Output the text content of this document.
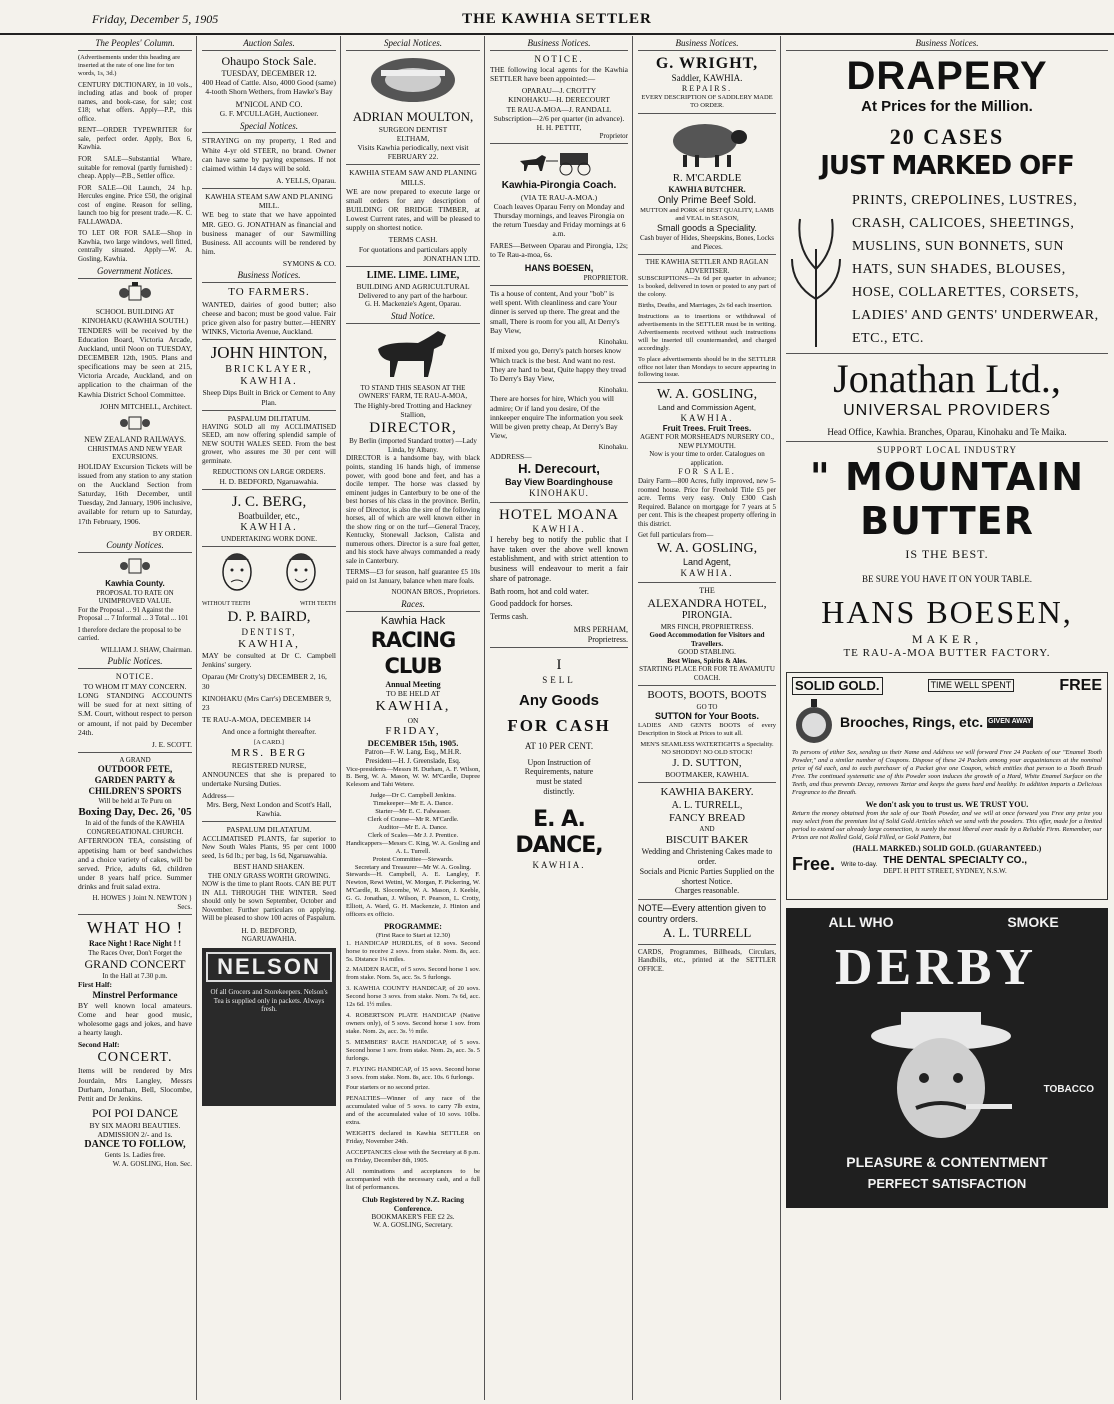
Friday, December 5, 1905	THE KAWHIA SETTLER
The Peoples' Column.

(Advertisements under this heading are inserted at the rate of one line for ten words, 1s, 3d.)

CENTURY DICTIONARY, in 10 vols., including atlas and book of proper names, and book-case, for sale; cost £18; what offers. Apply—P.P., this office.

RENT—ORDER TYPEWRITER for sale, perfect order. Apply, Box 6, Kawhia.

FOR SALE—Substantial Whare, suitable for removal (partly furnished) : cheap. Apply—P.B., Settler office.

FOR SALE—Oil Launch, 24 h.p. Hercules engine. Price £50, the original cost of engine. Reason for selling, launch too big for present trade.—K. C. FALLAWADA.

TO LET OR FOR SALE—Shop in Kawhia, two large windows, well fitted, centrally situated. Apply—W. A. Gosling, Kawhia.

Government Notices.
SCHOOL BUILDING AT KINOHAKU (KAWHIA SOUTH.)

TENDERS will be received by the Education Board, Victoria Arcade, Auckland, until Noon on TUESDAY, DECEMBER 12th, 1905. Plans and specifications may be seen at 215, Victoria Arcade, Auckland, and on application to the chairman of the Kawhia District School Committee.

JOHN MITCHELL, Architect.
NEW ZEALAND RAILWAYS.
CHRISTMAS AND NEW YEAR EXCURSIONS.

HOLIDAY Excursion Tickets will be issued from any station to any station on the Auckland Section from Saturday, 16th December, until Tuesday, 2nd January, 1906 inclusive, available for return up to Saturday, 17th February, 1906.

BY ORDER.
County Notices.
Kawhia County.
PROPOSAL TO RATE ON UNIMPROVED VALUE.

For the Proposal ... 91 Against the Proposal ... 7 Informal ... 3 Total ... 101

I therefore declare the proposal to be carried.

WILLIAM J. SHAW, Chairman.
Public Notices.
NOTICE.
TO WHOM IT MAY CONCERN.

LONG STANDING ACCOUNTS will be sued for at next sitting of S.M. Court, without respect to person or amount, if not paid by December 24th.

J. E. SCOTT.
A GRAND
OUTDOOR FETE, GARDEN PARTY & CHILDREN'S SPORTS
Will be held at Te Puru on
Boxing Day, Dec. 26, '05
In aid of the funds of the KAWHIA CONGREGATIONAL CHURCH.

AFTERNOON TEA, consisting of appetising ham or beef sandwiches and a choice variety of cakes, will be served. Price, adults 6d, children under 8 years half price. Summer drinks and fruit salad extra.

H. HOWES } Joint N. NEWTON } Secs.
WHAT HO !
Race Night ! Race Night ! !
The Races Over, Don't Forget the
GRAND CONCERT
In the Hall at 7.30 p.m.
First Half:
Minstrel Performance

BY well known local amateurs. Come and hear good music, wholesome gags and jokes, and have a hearty laugh.

Second Half:
CONCERT.

Items will be rendered by Mrs Jourdain, Mrs Langley, Messrs Durham, Jonathan, Bell, Slocombe, Pettit and Dr Jenkins.

POI POI DANCE
BY SIX MAORI BEAUTIES.
ADMISSION 2/- and 1s.
DANCE TO FOLLOW,
Gents 1s. Ladies free.
W. A. GOSLING, Hon. Sec.
Auction Sales.
Ohaupo Stock Sale.
TUESDAY, DECEMBER 12.

400 Head of Cattle. Also, 4000 Good (same) 4-tooth Shorn Wethers, from Hawke's Bay

M'NICOL AND CO.
G. F. M'CULLAGH, Auctioneer.
Special Notices.

STRAYING on my property, 1 Red and White 4-yr old STEER, no brand. Owner can have same by paying expenses. If not claimed within 14 days will be sold.

A. YELLS, Oparau.
KAWHIA STEAM SAW AND PLANING MILL.

WE beg to state that we have appointed MR. GEO. G. JONATHAN as financial and business manager of our Sawmilling Business. All accounts will be rendered by him.

SYMONS & CO.
Business Notices.
TO FARMERS.

WANTED, dairies of good butter; also cheese and bacon; must be good value. Fair price given also for pastry butter.—HENRY WINKS, Victoria Avenue, Auckland.

JOHN HINTON,
BRICKLAYER,
KAWHIA.

Sheep Dips Built in Brick or Cement to Any Plan.

PASPALUM DILITATUM.

HAVING SOLD all my ACCLIMATISED SEED, am now offering splendid sample of NEW SOUTH WALES SEED. From the best grower, who assures me 30 per cent will germinate.

REDUCTIONS ON LARGE ORDERS.
H. D. BEDFORD, Ngaruawahia.
J. C. BERG,
Boatbuilder, etc.,
KAWHIA.
UNDERTAKING WORK DONE.
WITHOUT TEETH	WITH TEETH
D. P. BAIRD,
DENTIST,
KAWHIA,

MAY be consulted at Dr C. Campbell Jenkins' surgery.

Oparau (Mr Crotty's) DECEMBER 2, 16, 30

KINOHAKU (Mrs Carr's) DECEMBER 9, 23

TE RAU-A-MOA, DECEMBER 14

And once a fortnight thereafter.

[A CARD.]
MRS. BERG
REGISTERED NURSE,

ANNOUNCES that she is prepared to undertake Nursing Duties.

Address—
Mrs. Berg, Next London and Scott's Hall, Kawhia.
PASPALUM DILATATUM.

ACCLIMATISED PLANTS, far superior to New South Wales Plants, 95 per cent 1000 seed, 1s 6d lb.; per bag, 1s 6d, Ngaruawahia.

BEST HAND SHAKEN.
THE ONLY GRASS WORTH GROWING.

NOW is the time to plant Roots. CAN BE PUT IN ALL THROUGH THE WINTER. Seed should only be sown September, October and November. Further particulars on applying. Will be pleased to show 100 acres of Paspalum.

H. D. BEDFORD,
NGARUAWAHIA.
NELSON

Of all Grocers and Storekeepers. Nelson's Tea is supplied only in packets. Always fresh.

Special Notices.
ADRIAN MOULTON,
SURGEON DENTIST
ELTHAM,

Visits Kawhia periodically, next visit FEBRUARY 22.

KAWHIA STEAM SAW AND PLANING MILLS.

WE are now prepared to execute large or small orders for any description of BUILDING OR BRIDGE TIMBER, at Lowest Current rates, and will be pleased to supply on shortest notice.

TERMS CASH.
For quotations and particulars apply
JONATHAN LTD.
LIME. LIME. LIME,
BUILDING AND AGRICULTURAL
Delivered to any part of the harbour.
G. H. Mackenzie's Agent, Oparau.
Stud Notice.
TO STAND THIS SEASON AT THE OWNERS' FARM, TE RAU-A-MOA,
The Highly-bred Trotting and Hackney Stallion,
DIRECTOR,
By Berlin (imported Standard trotter) —Lady Linda, by Albany.

DIRECTOR is a handsome bay, with black points, standing 16 hands high, of immense power, with good bone and feet, and has a docile temper. The horse was classed by eminent judges in Canterbury to be one of the best horses of his class in the province. Berlin, sire of Director, is also the sire of the following horses, all of which are well known either in the show ring or on the turf—General Tracey, Kentucky, Stonewall Jackson, Calista and numerous others. Director is a sure foal getter, and his stock have always commanded a ready sale in Canterbury.

TERMS—£3 for season, half guarantee £5 10s paid on 1st January, balance when mare foals.

NOONAN BROS., Proprietors.
Races.
Kawhia Hack
RACING CLUB
Annual Meeting
TO BE HELD AT
KAWHIA,
ON
FRIDAY,
DECEMBER 15th, 1905.
Patron—F. W. Lang, Esq., M.H.R.
President—H. J. Greenslade, Esq.

Vice-presidents—Messrs H. Durham, A. F. Wilson, B. Berg, W. A. Mason, W. W. M'Cardle, Dupree Kelesom and Tahi Wetere.

Judge—Dr C. Campbell Jenkins.
Timekeeper—Mr E. A. Dance.
Starter—Mr E. C. Falwasser.
Clerk of Course—Mr R. M'Cardle.
Auditor—Mr E. A. Dance.
Clerk of Scales—Mr J. J. Prentice.
Handicappers—Messrs C. King, W. A. Gosling and A. L. Turrell.
Protest Committee—Stewards.
Secretary and Treasurer—Mr W. A. Gosling.

Stewards—H. Campbell, A. E. Langley, F. Newton, Rewi Wetini, W. Morgan, F. Pickering, W. M'Cardle, R. Slocombe, W. A. Mason, J. Keeble, G. G. Jonathan, J. Wilson, F. Pearson, L. Crotty, Elliott, A. Ward, G. H. Mackenzie, J. Hinton and officers ex officio.

PROGRAMME:
(First Race to Start at 12.30)

1. HANDICAP HURDLES, of 8 sovs. Second horse to receive 2 sovs. from stake. Nom. 8s, acc. 5s. Distance 1¼ miles.

2. MAIDEN RACE, of 5 sovs. Second horse 1 sov. from stake. Nom. 5s, acc. 5s. 5 furlongs.

3. KAWHIA COUNTY HANDICAP, of 20 sovs. Second horse 3 sovs. from stake. Nom. 7s 6d, acc. 12s 6d. 1½ miles.

4. ROBERTSON PLATE HANDICAP (Native owners only), of 5 sovs. Second horse 1 sov. from stake. Nom. 2s, acc. 3s. ½ mile.

5. MEMBERS' RACE HANDICAP, of 5 sovs. Second horse 1 sov. from stake. Nom. 2s, acc. 3s. 5 furlongs.

7. FLYING HANDICAP, of 15 sovs. Second horse 3 sovs. from stake. Nom. 8s, acc. 10s. 6 furlongs.

Four starters or no second prize.

PENALTIES—Winner of any race of the accumulated value of 5 sovs. to carry 7lb extra, and of the accumulated value of 10 sovs. 10lbs. extra.

WEIGHTS declared in Kawhia SETTLER on Friday, November 24th.

ACCEPTANCES close with the Secretary at 8 p.m. on Friday, December 8th, 1905.

All nominations and acceptances to be accompanied with the necessary cash, and a full list of performances.

Club Registered by N.Z. Racing Conference.
BOOKMAKER'S FEE £2 2s.
W. A. GOSLING, Secretary.
Business Notices.
NOTICE.

THE following local agents for the Kawhia SETTLER have been appointed:—

OPARAU—J. CROTTY
KINOHAKU—H. DERECOURT
TE RAU-A-MOA—J. RANDALL
Subscription—2/6 per quarter (in advance).
H. H. PETTIT,
Proprietor
Kawhia-Pirongia Coach.
(VIA TE RAU-A-MOA.)

Coach leaves Oparau Ferry on Monday and Thursday mornings, and leaves Pirongia on the return Tuesday and Friday mornings at 6 a.m.

FARES—Between Oparau and Pirongia, 12s; to Te Rau-a-moa, 6s.

HANS BOESEN,
PROPRIETOR.

Tis a house of content, And your "bob" is well spent. With cleanliness and care Your dinner is served up there. The great and the small, There is room for you all, At Derry's Bay View,

Kinohaku.

If mixed you go, Derry's patch horses know Which track is the best. And want no rest. They are hard to beat, Quite happy they tread To Derry's Bay View,

Kinohaku.

There are horses for hire, Which you will admire; Or if land you desire, Of the innkeeper enquire The information you seek Will be given pretty cheap, At Derry's Bay View,

Kinohaku.
ADDRESS—
H. Derecourt,
Bay View Boardinghouse
KINOHAKU.
HOTEL MOANA
KAWHIA.

I hereby beg to notify the public that I have taken over the above well known establishment, and with strict attention to business will endeavour to merit a fair share of patronage.

Bath room, hot and cold water.

Good paddock for horses.

Terms cash.

MRS PERHAM,
Proprietress.
I
SELL
Any Goods
FOR CASH
AT 10 PER CENT.
Upon Instruction of
Requirements, nature
must be stated
distinctly.
E. A. DANCE,
KAWHIA.
Business Notices.
G. WRIGHT,
Saddler, KAWHIA.
REPAIRS.
EVERY DESCRIPTION OF SADDLERY MADE TO ORDER.
R. M'CARDLE
KAWHIA BUTCHER.
Only Prime Beef Sold.
MUTTON and PORK of BEST QUALITY, LAMB and VEAL in SEASON,
Small goods a Speciality.
Cash buyer of Hides, Sheepskins, Bones, Locks and Pieces.
THE KAWHIA SETTLER AND RAGLAN ADVERTISER.

SUBSCRIPTIONS—2s 6d per quarter in advance; 1s booked, delivered in town or posted to any part of the colony.

Births, Deaths, and Marriages, 2s 6d each insertion.

Instructions as to insertions or withdrawal of advertisements in the SETTLER must be in writing. Advertisements received without such instructions will be inserted till countermanded, and charged accordingly.

To place advertisements should be in the SETTLER office not later than Mondays to secure appearing in following issue.

W. A. GOSLING,
Land and Commission Agent,
KAWHIA.
Fruit Trees. Fruit Trees.
AGENT FOR MORSHEAD'S NURSERY CO., NEW PLYMOUTH.
Now is your time to order. Catalogues on application.
FOR SALE.

Dairy Farm—800 Acres, fully improved, new 5-roomed house. Price for Freehold Title £5 per acre. Terms very easy. Only £300 Cash Required. Balance on mortgage for 7 years at 5 per cent. This is the cheapest property offering in this district.

Get full particulars from—
W. A. GOSLING,
Land Agent,
KAWHIA.
THE
ALEXANDRA HOTEL,
PIRONGIA.
MRS FINCH, PROPRIETRESS.
Good Accommodation for Visitors and Travellers.
GOOD STABLING.
Best Wines, Spirits & Ales.
STARTING PLACE FOR FOR TE AWAMUTU COACH.
BOOTS, BOOTS, BOOTS
GO TO
SUTTON for Your Boots.

LADIES AND GENTS BOOTS of every Description in Stock at Prices to suit all.

MEN'S SEAMLESS WATERTIGHTS a Speciality.
NO SHODDY! NO OLD STOCK!
J. D. SUTTON,
BOOTMAKER, KAWHIA.
KAWHIA BAKERY.
A. L. TURRELL,
FANCY BREAD
AND
BISCUIT BAKER
Wedding and Christening Cakes made to order.
Socials and Picnic Parties Supplied on the shortest Notice.
Charges reasonable.
NOTE—Every attention given to country orders.
A. L. TURRELL

CARDS, Programmes, Billheads, Circulars, Handbills, etc., printed at the SETTLER OFFICE.

Business Notices.
DRAPERY
At Prices for the Million.
20 CASES
JUST MARKED OFF

PRINTS, CREPOLINES, LUSTRES, CRASH, CALICOES, SHEETINGS, MUSLINS, SUN BONNETS, SUN HATS, SUN SHADES, BLOUSES, HOSE, COLLARETTES, CORSETS, LADIES' AND GENTS' UNDERWEAR, ETC., ETC.

Jonathan Ltd.,
UNIVERSAL PROVIDERS
Head Office, Kawhia. Branches, Oparau, Kinohaku and Te Maika.
SUPPORT LOCAL INDUSTRY
" MOUNTAIN
BUTTER
IS THE BEST.
BE SURE YOU HAVE IT ON YOUR TABLE.
HANS BOESEN,
MAKER,
TE RAU-A-MOA BUTTER FACTORY.
SOLID GOLD.	TIME WELL SPENT	FREE
Brooches, Rings, etc. GIVEN AWAY

To persons of either Sex, sending us their Name and Address we will forward Free 24 Packets of our "Enamel Tooth Powder," and a similar number of Coupons. Dispose of these 24 Packets among your acquaintances at the nominal price of 6d each, and to each purchaser of a Packet give one Coupon, which entitles that person to a Tooth Brush Free. The continued systematic use of this Powder soon induces the growth of a Hard, White Enamel Surface on the Teeth, and thus prevents Decay, removes Tartar and keeps the gums hard and healthy. In addition imparts a Delicious Fragrance to the Breath.

We don't ask you to trust us. WE TRUST YOU.

Return the money obtained from the sale of our Tooth Powder, and we will at once forward you Free any prize you may select from the premium list of Solid Gold Articles which we send with the powders. This offer, made for a limited period to extend our already large connection, is surely the most liberal ever made by a Reliable Firm. Remember, our Prizes are not Rolled Gold, Gold Filled, or Gold Pattern, but

(HALL MARKED.) SOLID GOLD. (GUARANTEED.)
Free. Write to-day. THE DENTAL SPECIALTY CO.,
DEPT. H PITT STREET, SYDNEY, N.S.W.
ALL WHO	SMOKE
DERBY
TOBACCO
PLEASURE & CONTENTMENT
PERFECT SATISFACTION
